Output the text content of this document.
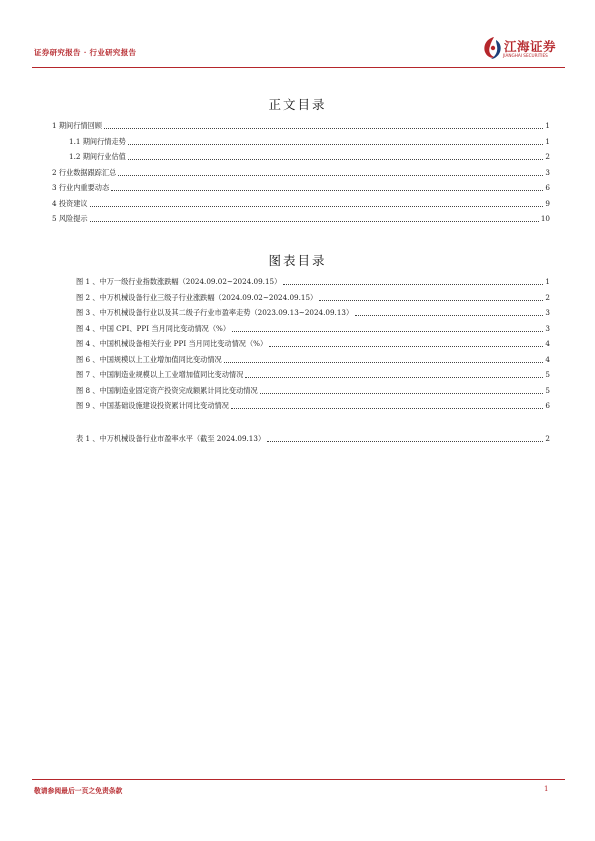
证券研究报告 · 行业研究报告	江海证券
JIANGHAI SECURITIES
正文目录
1 期间行情回顾	1
1.1 期间行情走势	1
1.2 期间行业估值	2
2 行业数据跟踪汇总	3
3 行业内重要动态	6
4 投资建议	9
5 风险提示	10
图表目录
图 1 、中万一级行业指数涨跌幅（2024.09.02~2024.09.15）	1
图 2 、中万机械设备行业三级子行业涨跌幅（2024.09.02~2024.09.15）	2
图 3 、中万机械设备行业以及其二级子行业市盈率走势（2023.09.13~2024.09.13）	3
图 4 、中国 CPI、PPI 当月同比变动情况（%）	3
图 4 、中国机械设备相关行业 PPI 当月同比变动情况（%）	4
图 6 、中国规模以上工业增加值同比变动情况	4
图 7 、中国制造业规模以上工业增加值同比变动情况	5
图 8 、中国制造业固定资产投资完成额累计同比变动情况	5
图 9 、中国基础设施建设投资累计同比变动情况	6
表 1 、中万机械设备行业市盈率水平（截至 2024.09.13）	2
敬请参阅最后一页之免责条款	1
